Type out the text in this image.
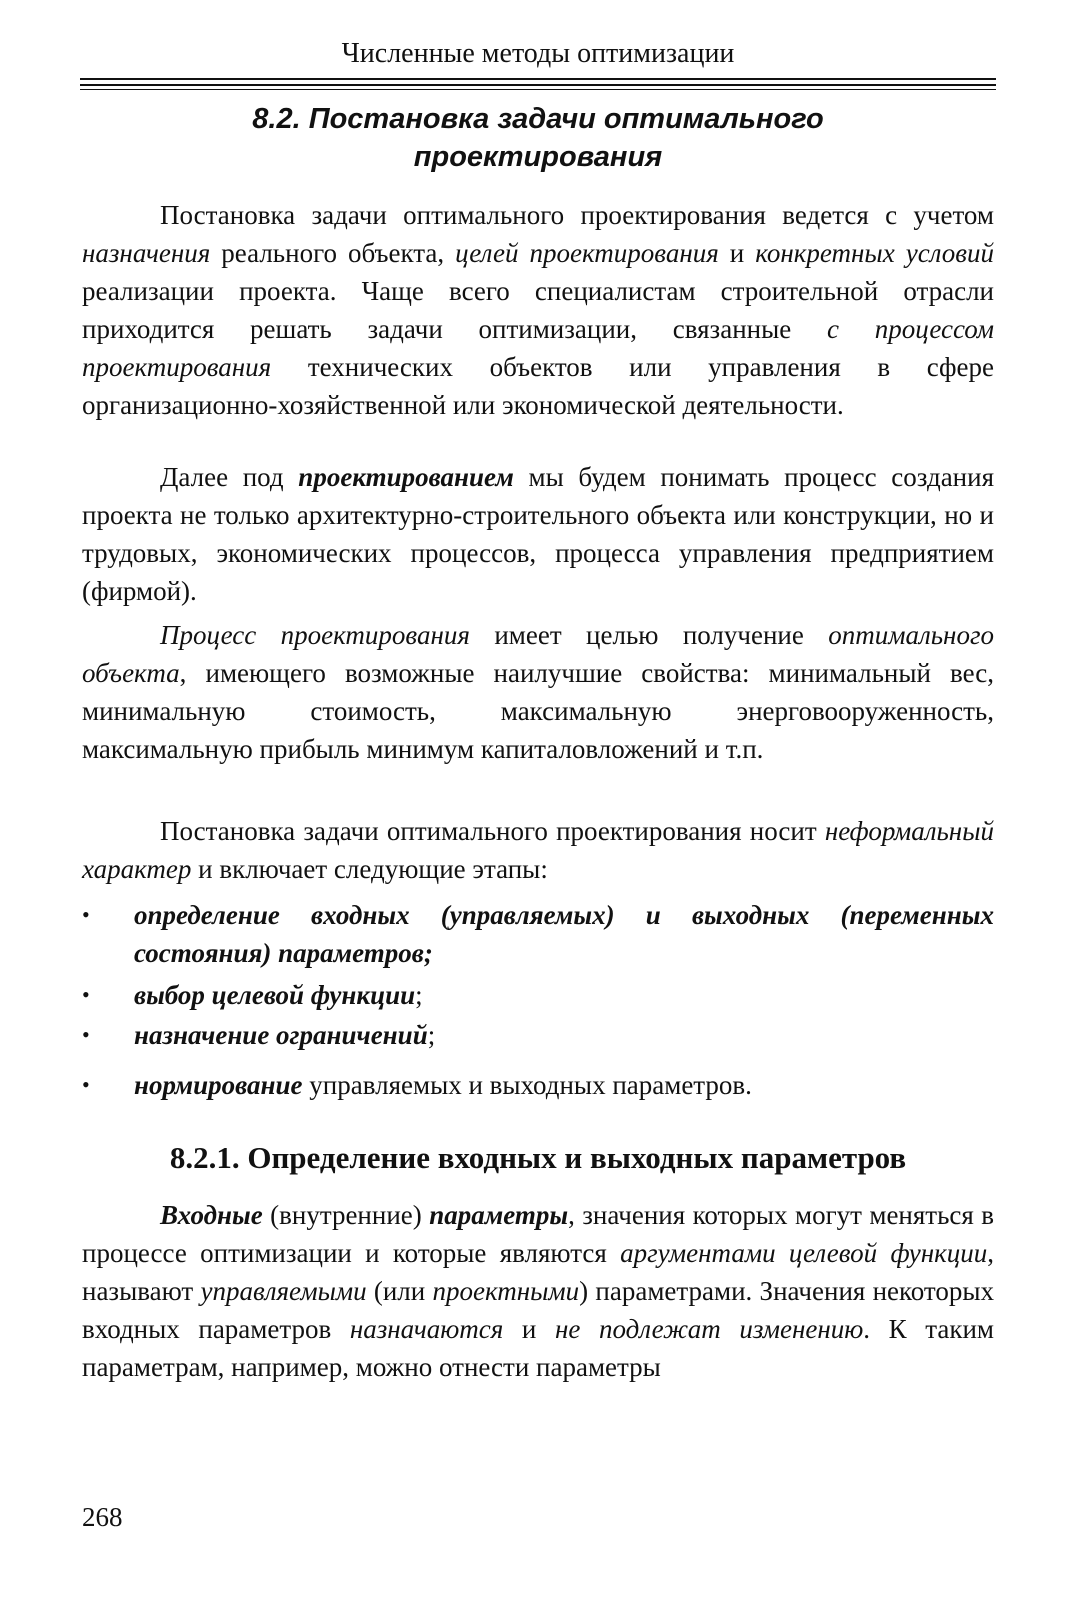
Численные методы оптимизации
8.2. Постановка задачи оптимального
проектирования

Постановка задачи оптимального проектирования ведется с учетом назначения реального объекта, целей проектирования и конкретных условий реализации проекта. Чаще всего специалистам строительной отрасли приходится решать задачи оптимизации, связанные с процессом проектирования технических объектов или управления в сфере организационно-хозяйственной или экономической деятельности.

Далее под проектированием мы будем понимать процесс создания проекта не только архитектурно-строительного объекта или конструкции, но и трудовых, экономических процессов, процесса управления предприятием (фирмой).

Процесс проектирования имеет целью получение оптимального объекта, имеющего возможные наилучшие свойства: минимальный вес, минимальную стоимость, максимальную энерговооруженность, максимальную прибыль минимум капиталовложений и т.п.

Постановка задачи оптимального проектирования носит неформальный характер и включает следующие этапы:

•	определение входных (управляемых) и выходных (переменных состояния) параметров;
•	выбор целевой функции;
•	назначение ограничений;
•	нормирование управляемых и выходных параметров.
8.2.1. Определение входных и выходных параметров

Входные (внутренние) параметры, значения которых могут меняться в процессе оптимизации и которые являются аргументами целевой функции, называют управляемыми (или проектными) параметрами. Значения некоторых входных параметров назначаются и не подлежат изменению. К таким параметрам, например, можно отнести параметры

268
